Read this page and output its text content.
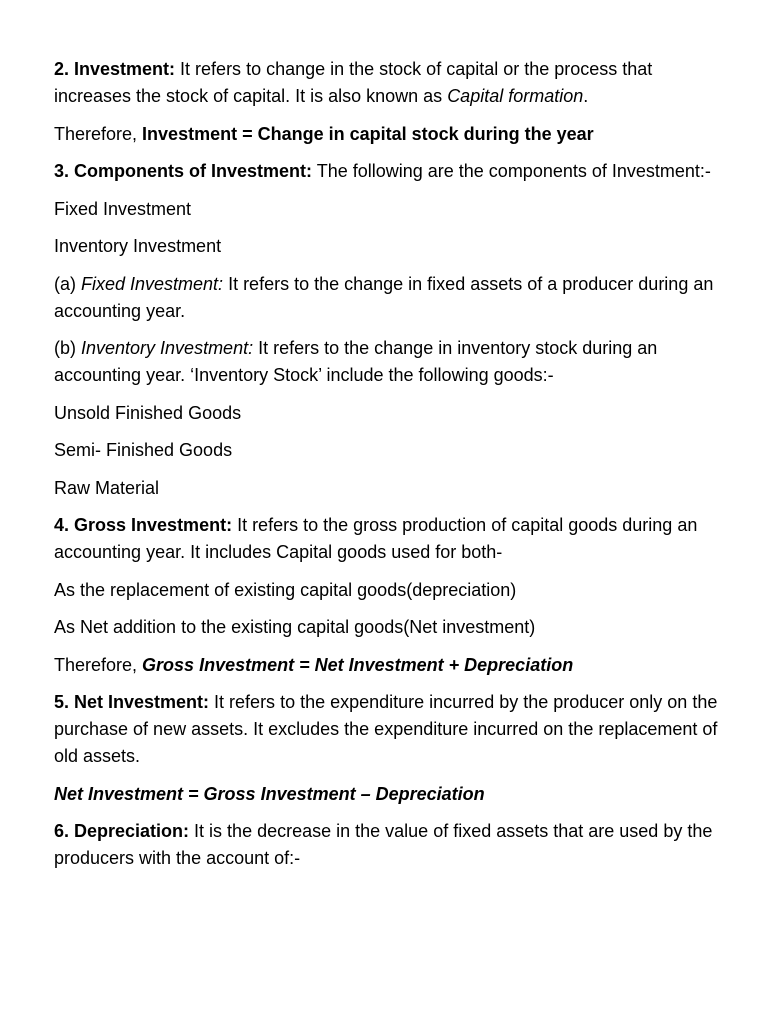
2. Investment: It refers to change in the stock of capital or the process that increases the stock of capital. It is also known as Capital formation.

Therefore, Investment = Change in capital stock during the year

3. Components of Investment: The following are the components of Investment:-

Fixed Investment

Inventory Investment

(a) Fixed Investment: It refers to the change in fixed assets of a producer during an accounting year.

(b) Inventory Investment: It refers to the change in inventory stock during an accounting year. ‘Inventory Stock’ include the following goods:-

Unsold Finished Goods

Semi- Finished Goods

Raw Material

4. Gross Investment: It refers to the gross production of capital goods during an accounting year. It includes Capital goods used for both-

As the replacement of existing capital goods(depreciation)

As Net addition to the existing capital goods(Net investment)

Therefore, Gross Investment = Net Investment + Depreciation

5. Net Investment: It refers to the expenditure incurred by the producer only on the purchase of new assets. It excludes the expenditure incurred on the replacement of old assets.

Net Investment = Gross Investment – Depreciation

6. Depreciation: It is the decrease in the value of fixed assets that are used by the producers with the account of:-
